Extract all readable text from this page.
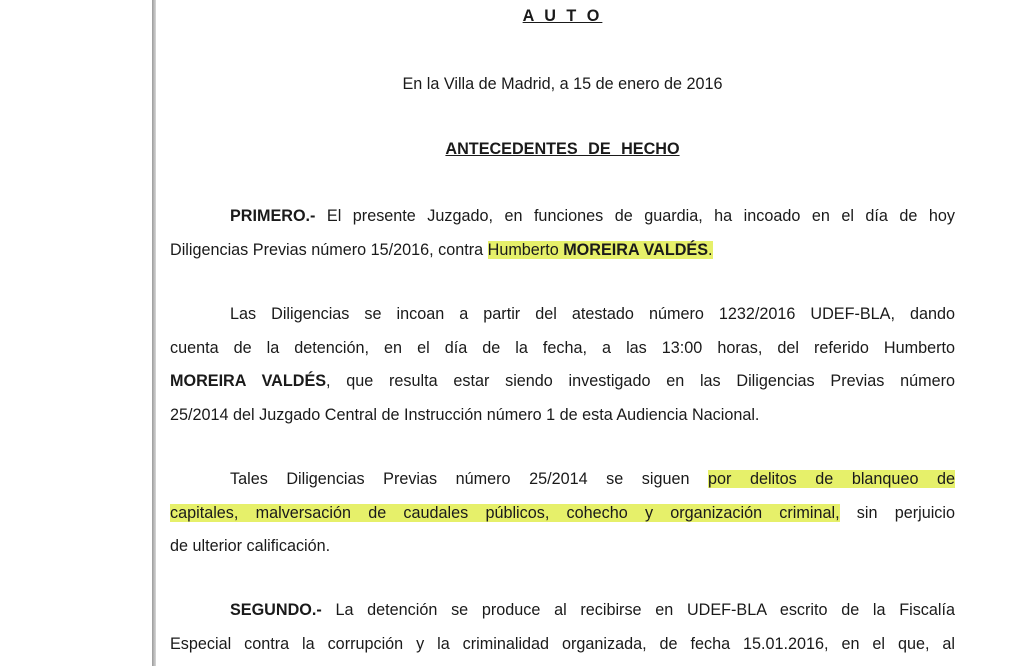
A U T O
En la Villa de Madrid, a 15 de enero de 2016
ANTECEDENTES DE HECHO
PRIMERO.- El presente Juzgado, en funciones de guardia, ha incoado en el día de hoy
Diligencias Previas número 15/2016, contra Humberto MOREIRA VALDÉS.
Las Diligencias se incoan a partir del atestado número 1232/2016 UDEF-BLA, dando
cuenta de la detención, en el día de la fecha, a las 13:00 horas, del referido Humberto
MOREIRA VALDÉS, que resulta estar siendo investigado en las Diligencias Previas número
25/2014 del Juzgado Central de Instrucción número 1 de esta Audiencia Nacional.
Tales Diligencias Previas número 25/2014 se siguen por delitos de blanqueo de
capitales, malversación de caudales públicos, cohecho y organización criminal, sin perjuicio
de ulterior calificación.
SEGUNDO.- La detención se produce al recibirse en UDEF-BLA escrito de la Fiscalía
Especial contra la corrupción y la criminalidad organizada, de fecha 15.01.2016, en el que, al
